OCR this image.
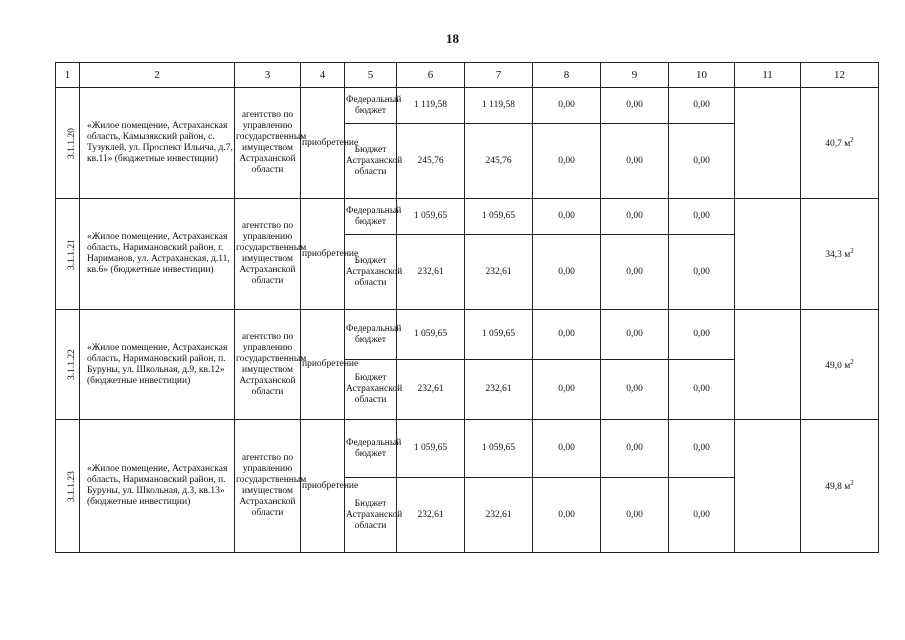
18
1	2	3	4	5	6	7	8	9	10	11	12
3.1.1.20	«Жилое помещение, Астраханская область, Камызякский район, с. Тузуклей, ул. Проспект Ильича, д.7, кв.11» (бюджетные инвестиции)	агентство по управлению государственным имуществом Астраханской области	приобретение	Федеральный бюджет	1 119,58	1 119,58	0,00	0,00	0,00		40,7 $м^2$
				Бюджет Астраханской области	245,76	245,76	0,00	0,00	0,00		
3.1.1.21	«Жилое помещение, Астраханская область, Наримановский район, г. Нариманов, ул. Астраханская, д.11, кв.6» (бюджетные инвестиции)	агентство по управлению государственным имуществом Астраханской области	приобретение	Федеральный бюджет	1 059,65	1 059,65	0,00	0,00	0,00		34,3 $м^2$
				Бюджет Астраханской области	232,61	232,61	0,00	0,00	0,00		
3.1.1.22	«Жилое помещение, Астраханская область, Наримановский район, п. Буруны, ул. Школьная, д.9, кв.12» (бюджетные инвестиции)	агентство по управлению государственным имуществом Астраханской области	приобретение	Федеральный бюджет	1 059,65	1 059,65	0,00	0,00	0,00		49,0 $м^2$
				Бюджет Астраханской области	232,61	232,61	0,00	0,00	0,00		
3.1.1.23	«Жилое помещение, Астраханская область, Наримановский район, п. Буруны, ул. Школьная, д.3, кв.13» (бюджетные инвестиции)	агентство по управлению государственным имуществом Астраханской области	приобретение	Федеральный бюджет	1 059,65	1 059,65	0,00	0,00	0,00		49,8 $м^2$
				Бюджет Астраханской области	232,61	232,61	0,00	0,00	0,00		
